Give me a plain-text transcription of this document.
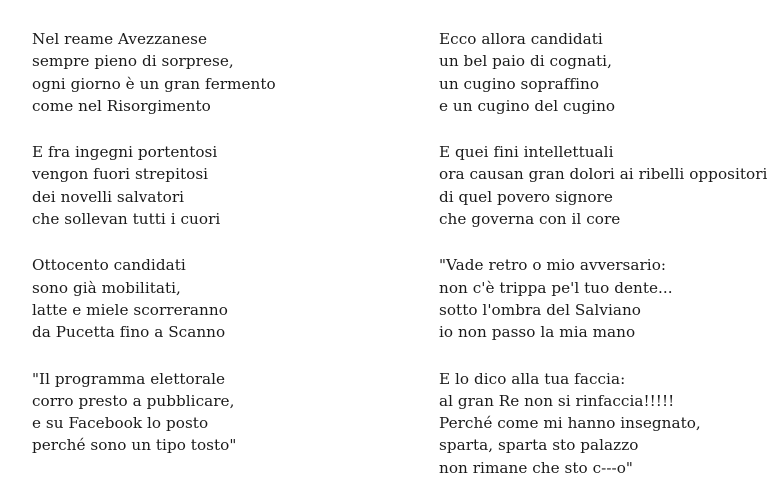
Nel reame Avezzanese
sempre pieno di sorprese,
ogni giorno è un gran fermento
come nel Risorgimento
E fra ingegni portentosi
vengon fuori strepitosi
dei novelli salvatori
che sollevan tutti i cuori
Ottocento candidati
sono già mobilitati,
latte e miele scorreranno
da Pucetta fino a Scanno
"Il programma elettorale
corro presto a pubblicare,
e su Facebook lo posto
perché sono un tipo tosto"
Ecco allora candidati
un bel paio di cognati,
un cugino sopraffino
e un cugino del cugino
E quei fini intellettuali
ora causan gran dolori ai ribelli oppositori
di quel povero signore
che governa con il core
"Vade retro o mio avversario:
non c'è trippa pe'l tuo dente...
sotto l'ombra del Salviano
io non passo la mia mano
E lo dico alla tua faccia:
al gran Re non si rinfaccia!!!!!
Perché come mi hanno insegnato,
sparta, sparta sto palazzo
non rimane che sto c---o"
